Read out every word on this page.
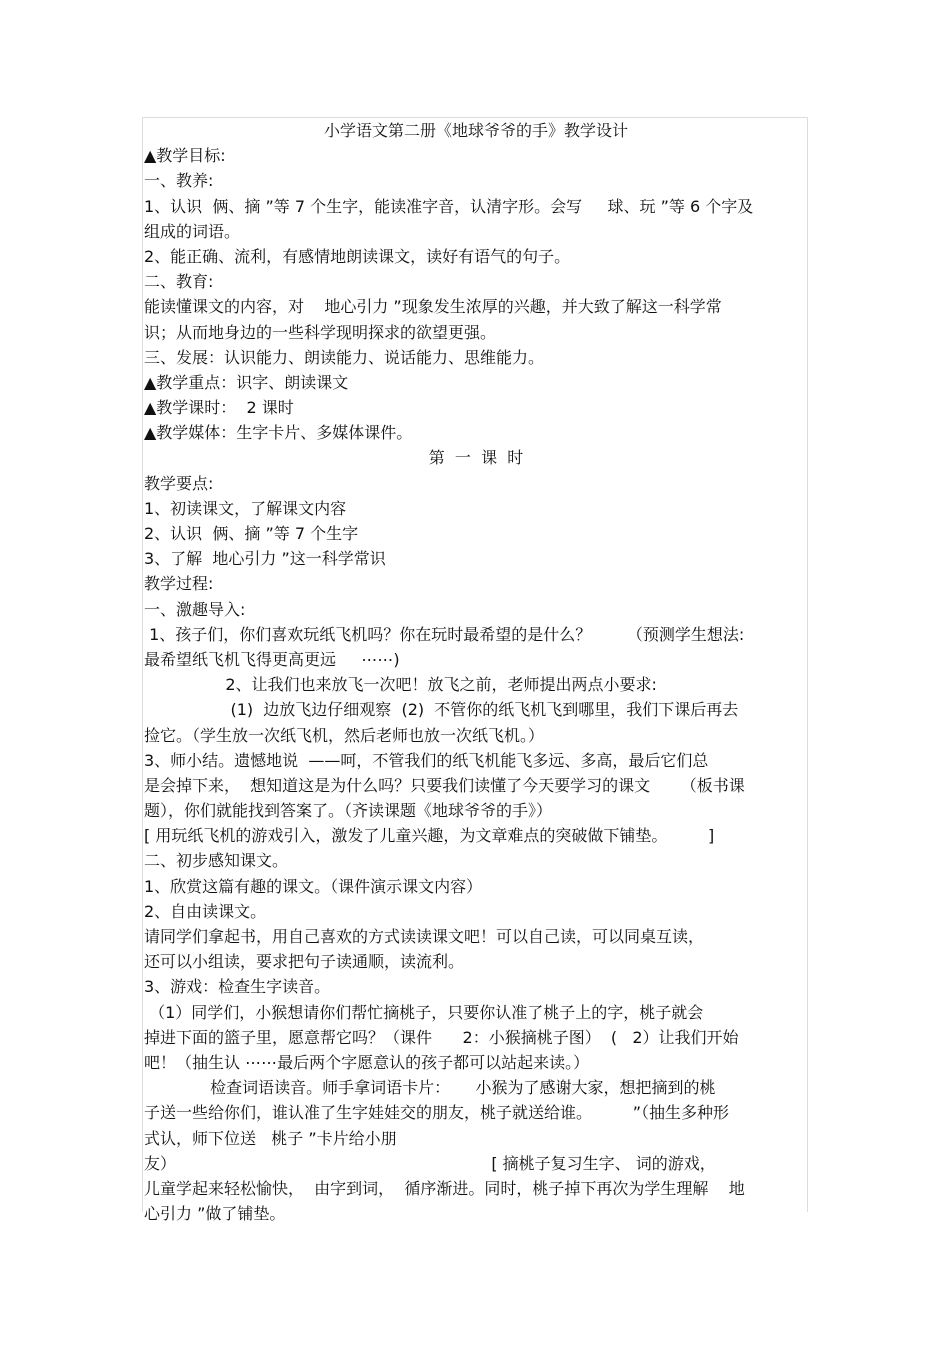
小学语文第二册《地球爷爷的手》教学设计
▲教学目标:
一、教养:
1、认识  俩、摘 ”等 7 个生字，能读准字音，认清字形。会写     球、玩 ”等 6 个字及
组成的词语。
2、能正确、流利，有感情地朗读课文，读好有语气的句子。
二、教育:
能读懂课文的内容，对    地心引力 ”现象发生浓厚的兴趣，并大致了解这一科学常
识；从而地身边的一些科学现明探求的欲望更强。
三、发展：认识能力、朗读能力、说话能力、思维能力。
▲教学重点：识字、朗读课文
▲教学课时：  2 课时
▲教学媒体：生字卡片、多媒体课件。
第  一  课  时
教学要点:
1、初读课文，了解课文内容
2、认识  俩、摘 ”等 7 个生字
3、了解  地心引力 ”这一科学常识
教学过程:
一、激趣导入:
1、孩子们，你们喜欢玩纸飞机吗？你在玩时最希望的是什么？       （预测学生想法:
最希望纸飞机飞得更高更远     ⋯⋯)
2、让我们也来放飞一次吧！放飞之前，老师提出两点小要求:
(1)  边放飞边仔细观察  (2)  不管你的纸飞机飞到哪里，我们下课后再去
捡它。（学生放一次纸飞机，然后老师也放一次纸飞机。）
3、师小结。遗憾地说  ——呵，不管我们的纸飞机能飞多远、多高，最后它们总
是会掉下来，  想知道这是为什么吗？只要我们读懂了今天要学习的课文      （板书课
题），你们就能找到答案了。（齐读课题《地球爷爷的手》）
[ 用玩纸飞机的游戏引入，激发了儿童兴趣，为文章难点的突破做下铺垫。        ]
二、初步感知课文。
1、欣赏这篇有趣的课文。（课件演示课文内容）
2、自由读课文。
请同学们拿起书，用自己喜欢的方式读读课文吧！可以自己读，可以同桌互读，
还可以小组读，要求把句子读通顺，读流利。
3、游戏：检查生字读音。
（1）同学们，小猴想请你们帮忙摘桃子，只要你认准了桃子上的字，桃子就会
掉进下面的篮子里，愿意帮它吗？（课件      2：小猴摘桃子图）  (   2）让我们开始
吧！（抽生认 ⋯⋯最后两个字愿意认的孩子都可以站起来读。）
检查词语读音。师手拿词语卡片：     小猴为了感谢大家，想把摘到的桃
子送一些给你们，谁认准了生字娃娃交的朋友，桃子就送给谁。        ”（抽生多种形
式认，师下位送   桃子 ”卡片给小朋
友）                                                              [ 摘桃子复习生字、 词的游戏，
儿童学起来轻松愉快，  由字到词，  循序渐进。同时，桃子掉下再次为学生理解    地
心引力 ”做了铺垫。
